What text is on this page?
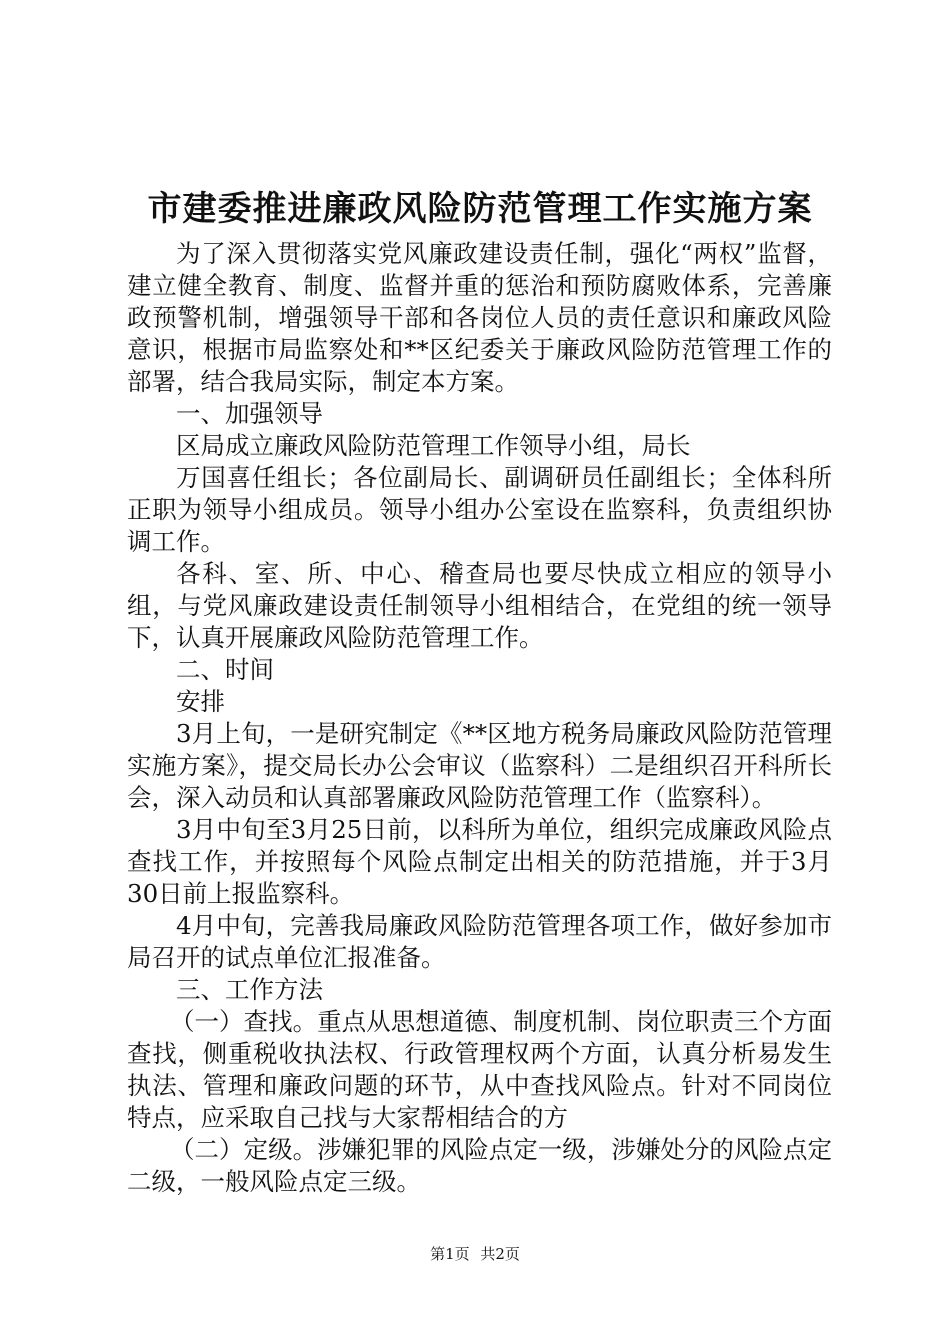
市建委推进廉政风险防范管理工作实施方案

为了深入贯彻落实党风廉政建设责任制，强化“两权”监督，建立健全教育、制度、监督并重的惩治和预防腐败体系，完善廉政预警机制，增强领导干部和各岗位人员的责任意识和廉政风险意识，根据市局监察处和**区纪委关于廉政风险防范管理工作的部署，结合我局实际，制定本方案。

一、加强领导

区局成立廉政风险防范管理工作领导小组，局长

万国喜任组长；各位副局长、副调研员任副组长；全体科所正职为领导小组成员。领导小组办公室设在监察科，负责组织协调工作。

各科、室、所、中心、稽查局也要尽快成立相应的领导小组，与党风廉政建设责任制领导小组相结合，在党组的统一领导下，认真开展廉政风险防范管理工作。

二、时间

安排

3月上旬，一是研究制定《**区地方税务局廉政风险防范管理实施方案》，提交局长办公会审议（监察科）二是组织召开科所长会，深入动员和认真部署廉政风险防范管理工作（监察科）。

3月中旬至3月25日前，以科所为单位，组织完成廉政风险点查找工作，并按照每个风险点制定出相关的防范措施，并于3月30日前上报监察科。

4月中旬，完善我局廉政风险防范管理各项工作，做好参加市局召开的试点单位汇报准备。

三、工作方法

（一）查找。重点从思想道德、制度机制、岗位职责三个方面查找，侧重税收执法权、行政管理权两个方面，认真分析易发生执法、管理和廉政问题的环节，从中查找风险点。针对不同岗位特点，应采取自己找与大家帮相结合的方

（二）定级。涉嫌犯罪的风险点定一级，涉嫌处分的风险点定二级，一般风险点定三级。

第1页 共2页
